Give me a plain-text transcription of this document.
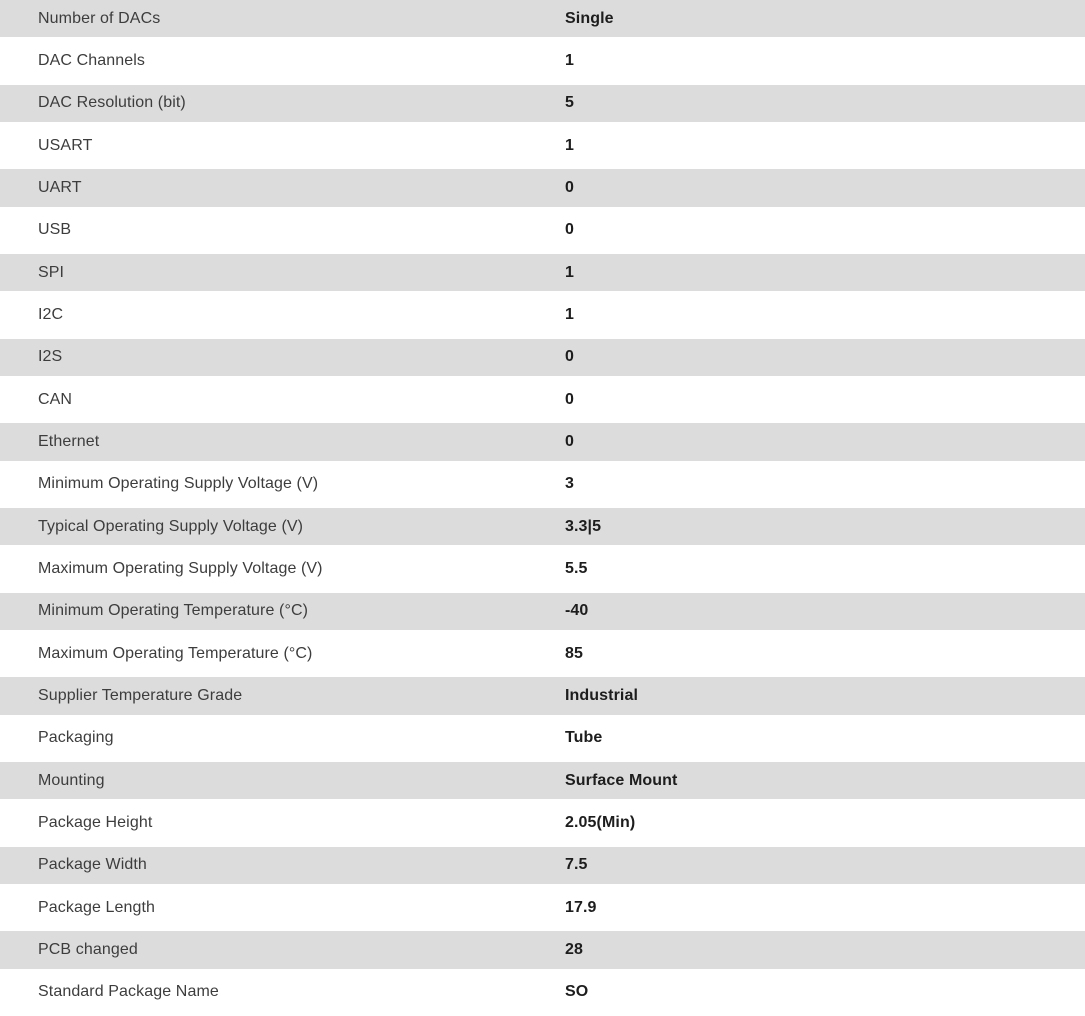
Number of DACs	Single
DAC Channels	1
DAC Resolution (bit)	5
USART	1
UART	0
USB	0
SPI	1
I2C	1
I2S	0
CAN	0
Ethernet	0
Minimum Operating Supply Voltage (V)	3
Typical Operating Supply Voltage (V)	3.3|5
Maximum Operating Supply Voltage (V)	5.5
Minimum Operating Temperature (°C)	-40
Maximum Operating Temperature (°C)	85
Supplier Temperature Grade	Industrial
Packaging	Tube
Mounting	Surface Mount
Package Height	2.05(Min)
Package Width	7.5
Package Length	17.9
PCB changed	28
Standard Package Name	SO
